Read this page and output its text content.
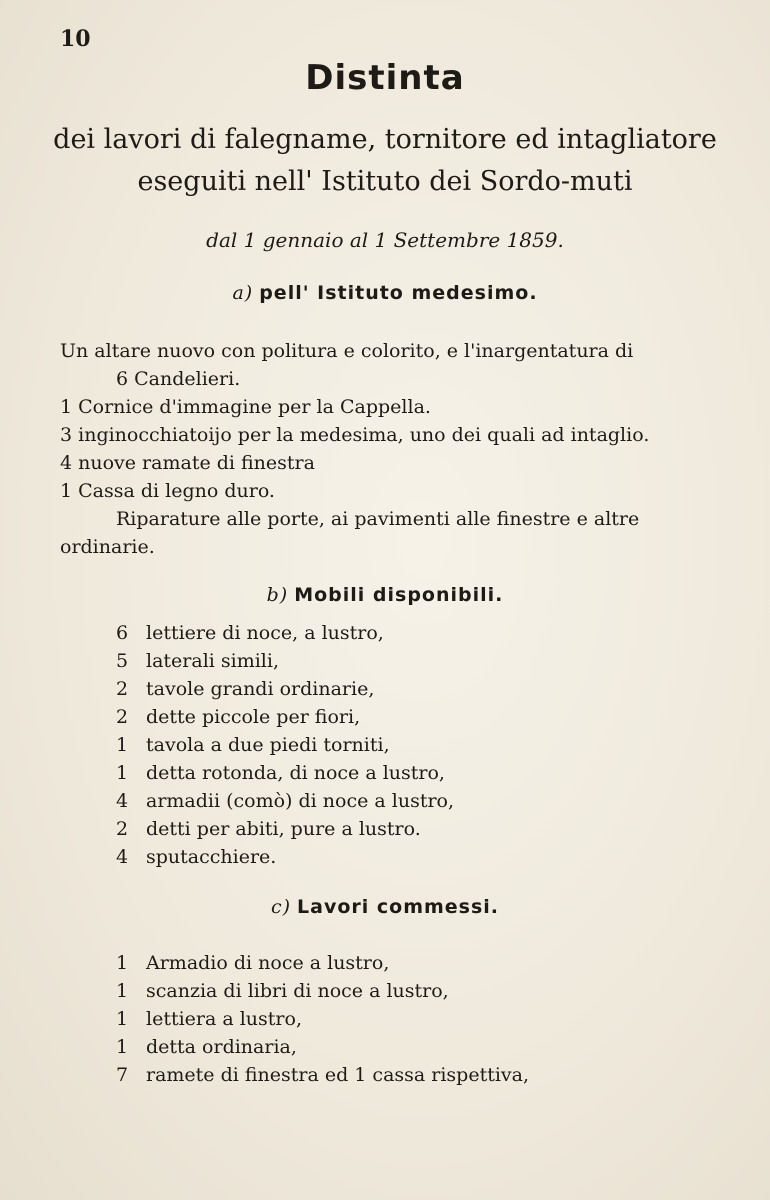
10
Distinta
dei lavori di falegname, tornitore ed intagliatore
eseguiti nell' Istituto dei Sordo-muti
dal 1 gennaio al 1 Settembre 1859.
a) pell' Istituto medesimo.
Un altare nuovo con politura e colorito, e l'inargentatura di
6 Candelieri.
1 Cornice d'immagine per la Cappella.
3 inginocchiatoijo per la medesima, uno dei quali ad intaglio.
4 nuove ramate di finestra
1 Cassa di legno duro.
Riparature alle porte, ai pavimenti alle finestre e altre
ordinarie.
b) Mobili disponibili.
6 lettiere di noce, a lustro,
5 laterali simili,
2 tavole grandi ordinarie,
2 dette piccole per fiori,
1 tavola a due piedi torniti,
1 detta rotonda, di noce a lustro,
4 armadii (comò) di noce a lustro,
2 detti per abiti, pure a lustro.
4 sputacchiere.
c) Lavori commessi.
1 Armadio di noce a lustro,
1 scanzia di libri di noce a lustro,
1 lettiera a lustro,
1 detta ordinaria,
7 ramete di finestra ed 1 cassa rispettiva,
